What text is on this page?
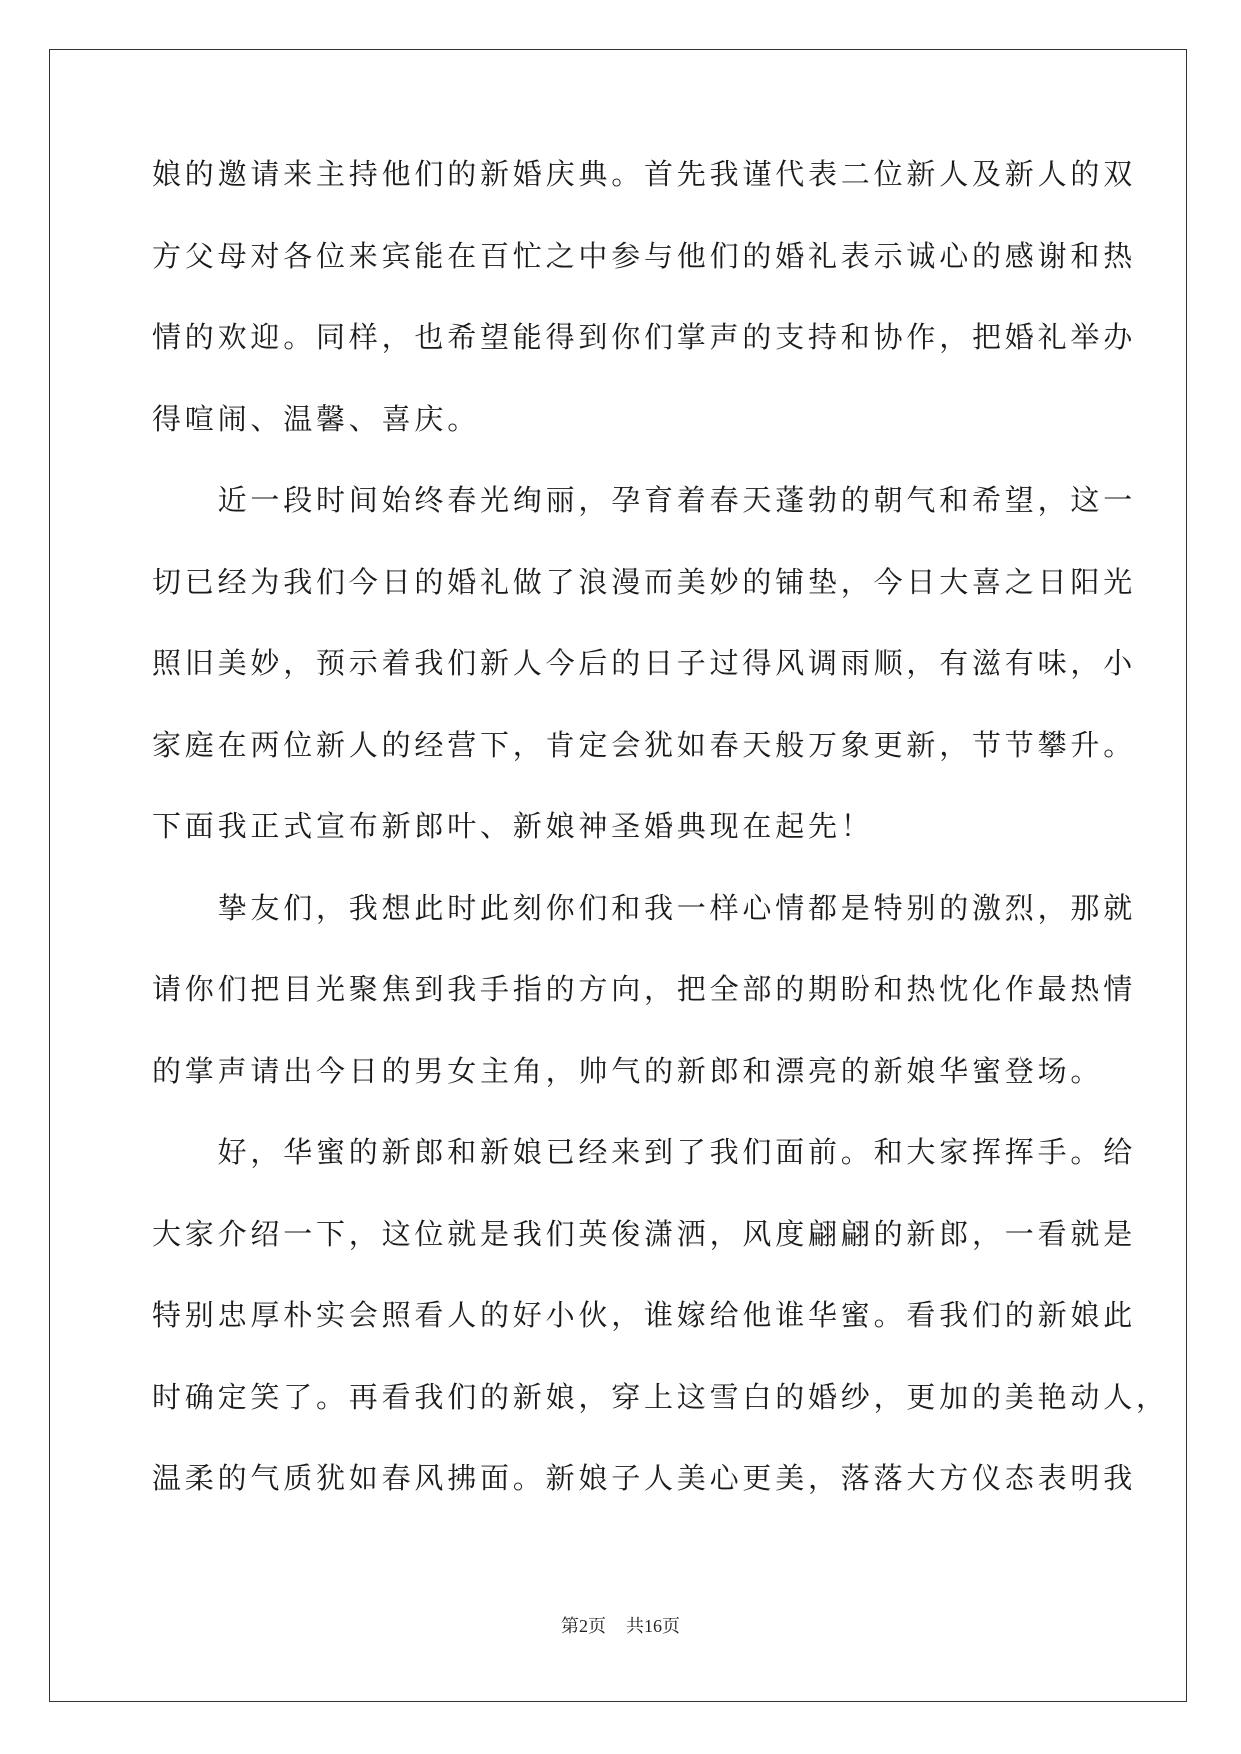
娘的邀请来主持他们的新婚庆典。首先我谨代表二位新人及新人的双
方父母对各位来宾能在百忙之中参与他们的婚礼表示诚心的感谢和热
情的欢迎。同样，也希望能得到你们掌声的支持和协作，把婚礼举办
得喧闹、温馨、喜庆。
　　近一段时间始终春光绚丽，孕育着春天蓬勃的朝气和希望，这一
切已经为我们今日的婚礼做了浪漫而美妙的铺垫，今日大喜之日阳光
照旧美妙，预示着我们新人今后的日子过得风调雨顺，有滋有味，小
家庭在两位新人的经营下，肯定会犹如春天般万象更新，节节攀升。
下面我正式宣布新郎叶、新娘神圣婚典现在起先！
　　挚友们，我想此时此刻你们和我一样心情都是特别的激烈，那就
请你们把目光聚焦到我手指的方向，把全部的期盼和热忱化作最热情
的掌声请出今日的男女主角，帅气的新郎和漂亮的新娘华蜜登场。
　　好，华蜜的新郎和新娘已经来到了我们面前。和大家挥挥手。给
大家介绍一下，这位就是我们英俊潇洒，风度翩翩的新郎，一看就是
特别忠厚朴实会照看人的好小伙，谁嫁给他谁华蜜。看我们的新娘此
时确定笑了。再看我们的新娘，穿上这雪白的婚纱，更加的美艳动人，
温柔的气质犹如春风拂面。新娘子人美心更美，落落大方仪态表明我
第2页 共16页
